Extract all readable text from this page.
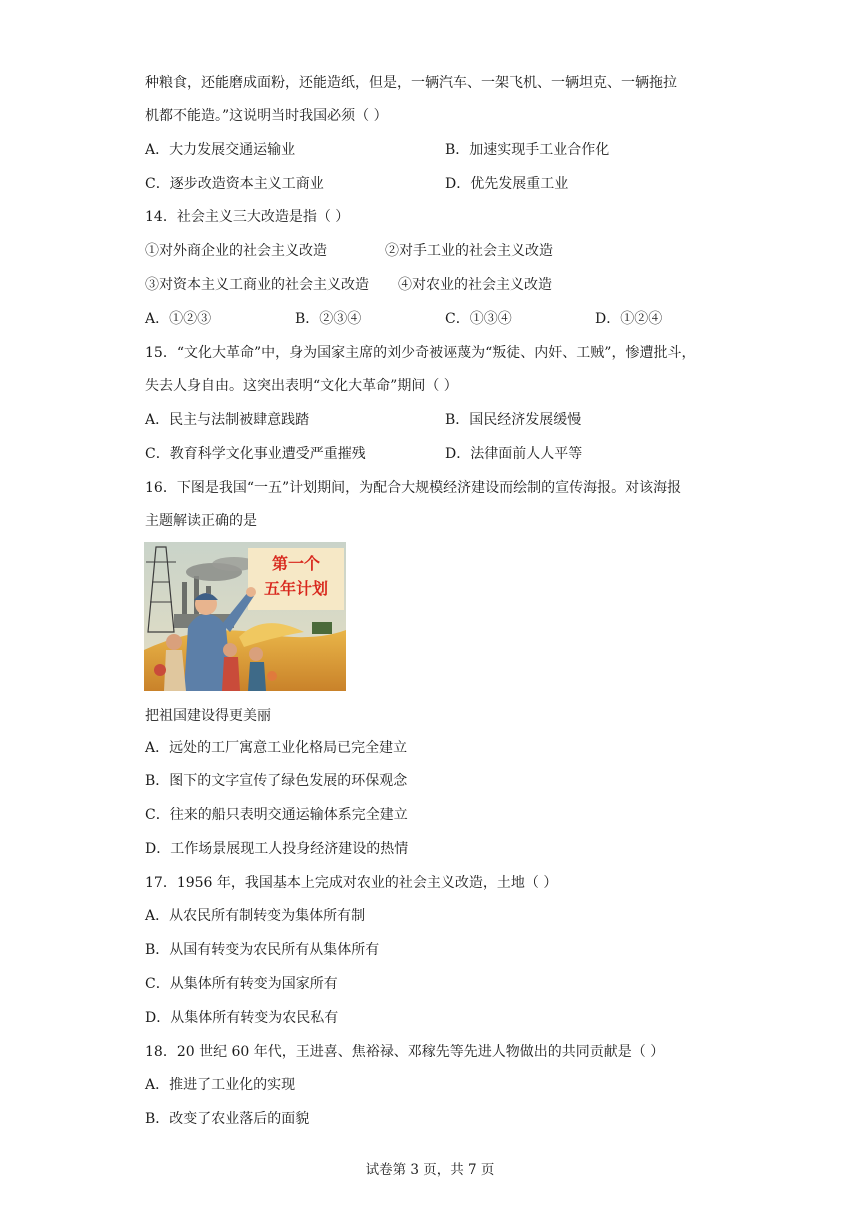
种粮食，还能磨成面粉，还能造纸，但是，一辆汽车、一架飞机、一辆坦克、一辆拖拉
机都不能造。”这说明当时我国必须（ ）
A．大力发展交通运输业	B．加速实现手工业合作化
C．逐步改造资本主义工商业	D．优先发展重工业
14．社会主义三大改造是指（ ）
①对外商企业的社会主义改造	②对手工业的社会主义改造
③对资本主义工商业的社会主义改造 ④对农业的社会主义改造
A．①②③	B．②③④	C．①③④	D．①②④
15．“文化大革命”中，身为国家主席的刘少奇被诬蔑为“叛徒、内奸、工贼”，惨遭批斗，
失去人身自由。这突出表明“文化大革命”期间（ ）
A．民主与法制被肆意践踏	B．国民经济发展缓慢
C．教育科学文化事业遭受严重摧残	D．法律面前人人平等
16．下图是我国“一五”计划期间，为配合大规模经济建设而绘制的宣传海报。对该海报
主题解读正确的是
第一个
五年计划
把祖国建设得更美丽
A．远处的工厂寓意工业化格局已完全建立
B．图下的文字宣传了绿色发展的环保观念
C．往来的船只表明交通运输体系完全建立
D．工作场景展现工人投身经济建设的热情
17．1956 年，我国基本上完成对农业的社会主义改造，土地（ ）
A．从农民所有制转变为集体所有制
B．从国有转变为农民所有从集体所有
C．从集体所有转变为国家所有
D．从集体所有转变为农民私有
18．20 世纪 60 年代，王进喜、焦裕禄、邓稼先等先进人物做出的共同贡献是（ ）
A．推进了工业化的实现
B．改变了农业落后的面貌
试卷第 3 页，共 7 页
